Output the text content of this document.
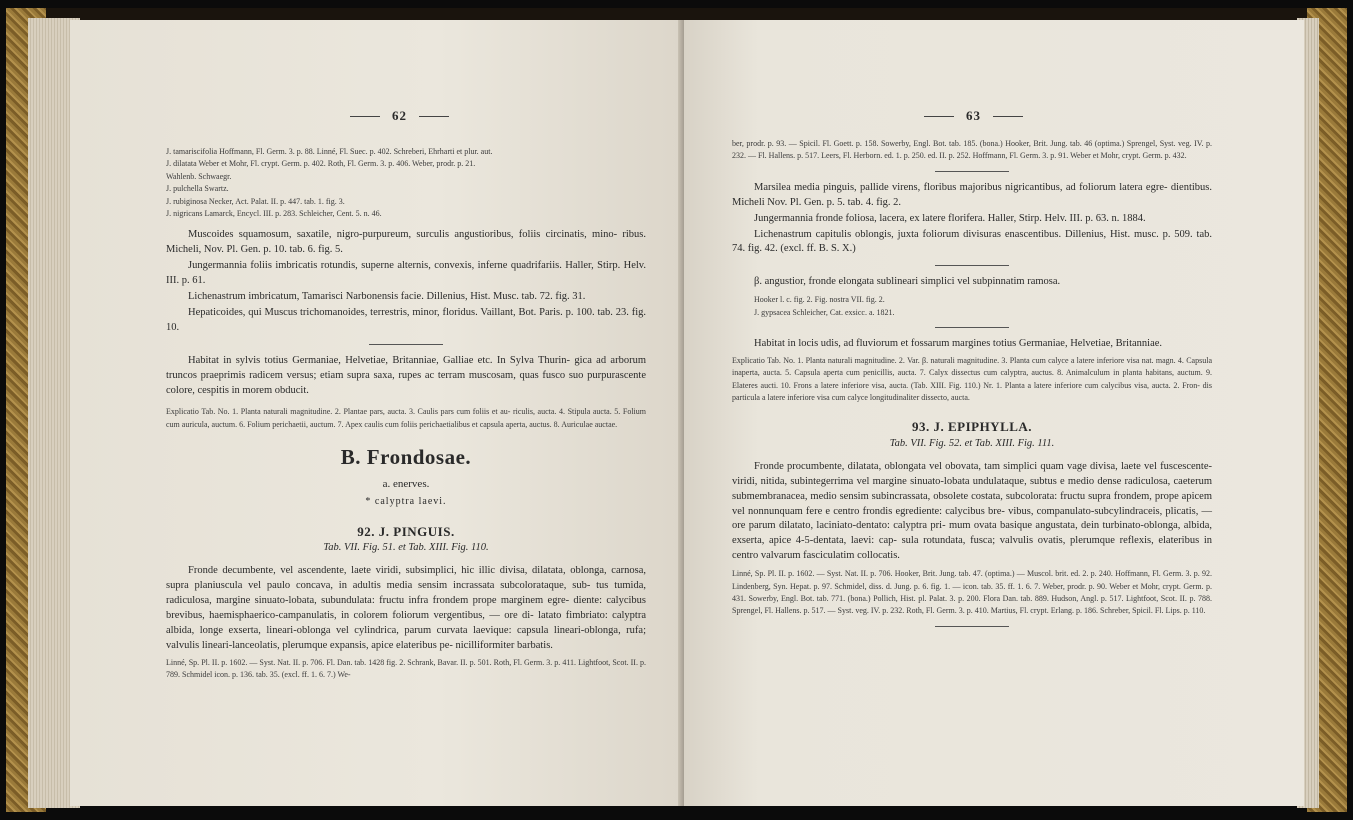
62
J. tamariscifolia Hoffmann, Fl. Germ. 3. p. 88. Linné, Fl. Suec. p. 402. Schreberi, Ehrharti et plur. aut.
J. dilatata Weber et Mohr, Fl. crypt. Germ. p. 402. Roth, Fl. Germ. 3. p. 406. Weber, prodr. p. 21.
Wahlenb. Schwaegr.
J. pulchella Swartz.
J. rubiginosa Necker, Act. Palat. II. p. 447. tab. 1. fig. 3.
J. nigricans Lamarck, Encycl. III. p. 283. Schleicher, Cent. 5. n. 46.

Muscoides squamosum, saxatile, nigro-purpureum, surculis angustioribus, foliis circinatis, mino- ribus. Micheli, Nov. Pl. Gen. p. 10. tab. 6. fig. 5.

Jungermannia foliis imbricatis rotundis, superne alternis, convexis, inferne quadrifariis. Haller, Stirp. Helv. III. p. 61.

Lichenastrum imbricatum, Tamarisci Narbonensis facie. Dillenius, Hist. Musc. tab. 72. fig. 31.

Hepaticoides, qui Muscus trichomanoides, terrestris, minor, floridus. Vaillant, Bot. Paris. p. 100. tab. 23. fig. 10.

Habitat in sylvis totius Germaniae, Helvetiae, Britanniae, Galliae etc. In Sylva Thurin- gica ad arborum truncos praeprimis radicem versus; etiam supra saxa, rupes ac terram muscosam, quas fusco suo purpurascente colore, cespitis in morem obducit.

Explicatio Tab. No. 1. Planta naturali magnitudine. 2. Plantae pars, aucta. 3. Caulis pars cum foliis et au- riculis, aucta. 4. Stipula aucta. 5. Folium cum auricula, auctum. 6. Folium perichaetii, auctum. 7. Apex caulis cum foliis perichaetialibus et capsula aperta, auctus. 8. Auriculae auctae.

B. Frondosae.
a. enerves.
* calyptra laevi.
92. J. PINGUIS.
Tab. VII. Fig. 51. et Tab. XIII. Fig. 110.

Fronde decumbente, vel ascendente, laete viridi, subsimplici, hic illic divisa, dilatata, oblonga, carnosa, supra planiuscula vel paulo concava, in adultis media sensim incrassata subcolorataque, sub- tus tumida, radiculosa, margine sinuato-lobata, subundulata: fructu infra frondem prope marginem egre- diente: calycibus brevibus, haemisphaerico-campanulatis, in colorem foliorum vergentibus, — ore di- latato fimbriato: calyptra albida, longe exserta, lineari-oblonga vel cylindrica, parum curvata laevique: capsula lineari-oblonga, rufa; valvulis lineari-lanceolatis, plerumque expansis, apice elateribus pe- nicilliformiter barbatis.

Linné, Sp. Pl. II. p. 1602. — Syst. Nat. II. p. 706. Fl. Dan. tab. 1428 fig. 2. Schrank, Bavar. II. p. 501. Roth, Fl. Germ. 3. p. 411. Lightfoot, Scot. II. p. 789. Schmidel icon. p. 136. tab. 35. (excl. ff. 1. 6. 7.) We-

63

ber, prodr. p. 93. — Spicil. Fl. Goett. p. 158. Sowerby, Engl. Bot. tab. 185. (bona.) Hooker, Brit. Jung. tab. 46 (optima.) Sprengel, Syst. veg. IV. p. 232. — Fl. Hallens. p. 517. Leers, Fl. Herborn. ed. 1. p. 250. ed. II. p. 252. Hoffmann, Fl. Germ. 3. p. 91. Weber et Mohr, crypt. Germ. p. 432.

Marsilea media pinguis, pallide virens, floribus majoribus nigricantibus, ad foliorum latera egre- dientibus. Micheli Nov. Pl. Gen. p. 5. tab. 4. fig. 2.

Jungermannia fronde foliosa, lacera, ex latere florifera. Haller, Stirp. Helv. III. p. 63. n. 1884.

Lichenastrum capitulis oblongis, juxta foliorum divisuras enascentibus. Dillenius, Hist. musc. p. 509. tab. 74. fig. 42. (excl. ff. B. S. X.)

β. angustior, fronde elongata sublineari simplici vel subpinnatim ramosa.

Hooker l. c. fig. 2. Fig. nostra VII. fig. 2.
J. gypsacea Schleicher, Cat. exsicc. a. 1821.

Habitat in locis udis, ad fluviorum et fossarum margines totius Germaniae, Helvetiae, Britanniae.

Explicatio Tab. No. 1. Planta naturali magnitudine. 2. Var. β. naturali magnitudine. 3. Planta cum calyce a latere inferiore visa nat. magn. 4. Capsula inaperta, aucta. 5. Capsula aperta cum penicillis, aucta. 7. Calyx dissectus cum calyptra, auctus. 8. Animalculum in planta habitans, auctum. 9. Elateres aucti. 10. Frons a latere inferiore visa, aucta. (Tab. XIII. Fig. 110.) Nr. 1. Planta a latere inferiore cum calycibus visa, aucta. 2. Fron- dis particula a latere inferiore visa cum calyce longitudinaliter dissecto, aucta.

93. J. EPIPHYLLA.
Tab. VII. Fig. 52. et Tab. XIII. Fig. 111.

Fronde procumbente, dilatata, oblongata vel obovata, tam simplici quam vage divisa, laete vel fuscescente-viridi, nitida, subintegerrima vel margine sinuato-lobata undulataque, subtus e medio dense radiculosa, caeterum submembranacea, medio sensim subincrassata, obsolete costata, subcolorata: fructu supra frondem, prope apicem vel nonnunquam fere e centro frondis egrediente: calycibus bre- vibus, companulato-subcylindraceis, plicatis, — ore parum dilatato, laciniato-dentato: calyptra pri- mum ovata basique angustata, dein turbinato-oblonga, albida, exserta, apice 4-5-dentata, laevi: cap- sula rotundata, fusca; valvulis ovatis, plerumque reflexis, elateribus in centro valvarum fasciculatim collocatis.

Linné, Sp. Pl. II. p. 1602. — Syst. Nat. II. p. 706. Hooker, Brit. Jung. tab. 47. (optima.) — Muscol. brit. ed. 2. p. 240. Hoffmann, Fl. Germ. 3. p. 92. Lindenberg, Syn. Hepat. p. 97. Schmidel, diss. d. Jung. p. 6. fig. 1. — icon. tab. 35. ff. 1. 6. 7. Weber, prodr. p. 90. Weber et Mohr, crypt. Germ. p. 431. Sowerby, Engl. Bot. tab. 771. (bona.) Pollich, Hist. pl. Palat. 3. p. 200. Flora Dan. tab. 889. Hudson, Angl. p. 517. Lightfoot, Scot. II. p. 788. Sprengel, Fl. Hallens. p. 517. — Syst. veg. IV. p. 232. Roth, Fl. Germ. 3. p. 410. Martius, Fl. crypt. Erlang. p. 186. Schreber, Spicil. Fl. Lips. p. 110.
